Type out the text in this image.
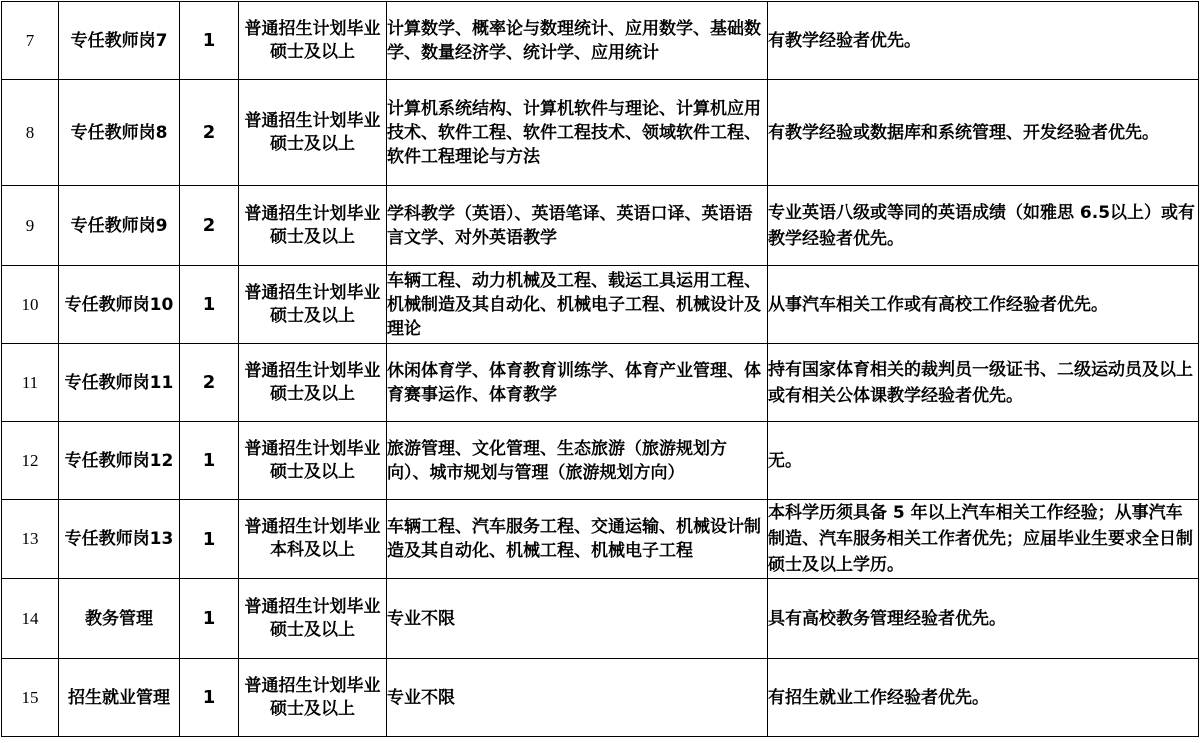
7	专任教师岗7	1	普通招生计划毕业硕士及以上	计算数学、概率论与数理统计、应用数学、基础数学、数量经济学、统计学、应用统计	有教学经验者优先。
8	专任教师岗8	2	普通招生计划毕业硕士及以上	计算机系统结构、计算机软件与理论、计算机应用技术、软件工程、软件工程技术、领域软件工程、软件工程理论与方法	有教学经验或数据库和系统管理、开发经验者优先。
9	专任教师岗9	2	普通招生计划毕业硕士及以上	学科教学（英语）、英语笔译、英语口译、英语语言文学、对外英语教学	专业英语八级或等同的英语成绩（如雅思 6.5以上）或有教学经验者优先。
10	专任教师岗10	1	普通招生计划毕业硕士及以上	车辆工程、动力机械及工程、载运工具运用工程、机械制造及其自动化、机械电子工程、机械设计及理论	从事汽车相关工作或有高校工作经验者优先。
11	专任教师岗11	2	普通招生计划毕业硕士及以上	休闲体育学、体育教育训练学、体育产业管理、体育赛事运作、体育教学	持有国家体育相关的裁判员一级证书、二级运动员及以上或有相关公体课教学经验者优先。
12	专任教师岗12	1	普通招生计划毕业硕士及以上	旅游管理、文化管理、生态旅游（旅游规划方向）、城市规划与管理（旅游规划方向）	无。
13	专任教师岗13	1	普通招生计划毕业本科及以上	车辆工程、汽车服务工程、交通运输、机械设计制造及其自动化、机械工程、机械电子工程	本科学历须具备 5 年以上汽车相关工作经验；从事汽车制造、汽车服务相关工作者优先；应届毕业生要求全日制硕士及以上学历。
14	教务管理	1	普通招生计划毕业硕士及以上	专业不限	具有高校教务管理经验者优先。
15	招生就业管理	1	普通招生计划毕业硕士及以上	专业不限	有招生就业工作经验者优先。
